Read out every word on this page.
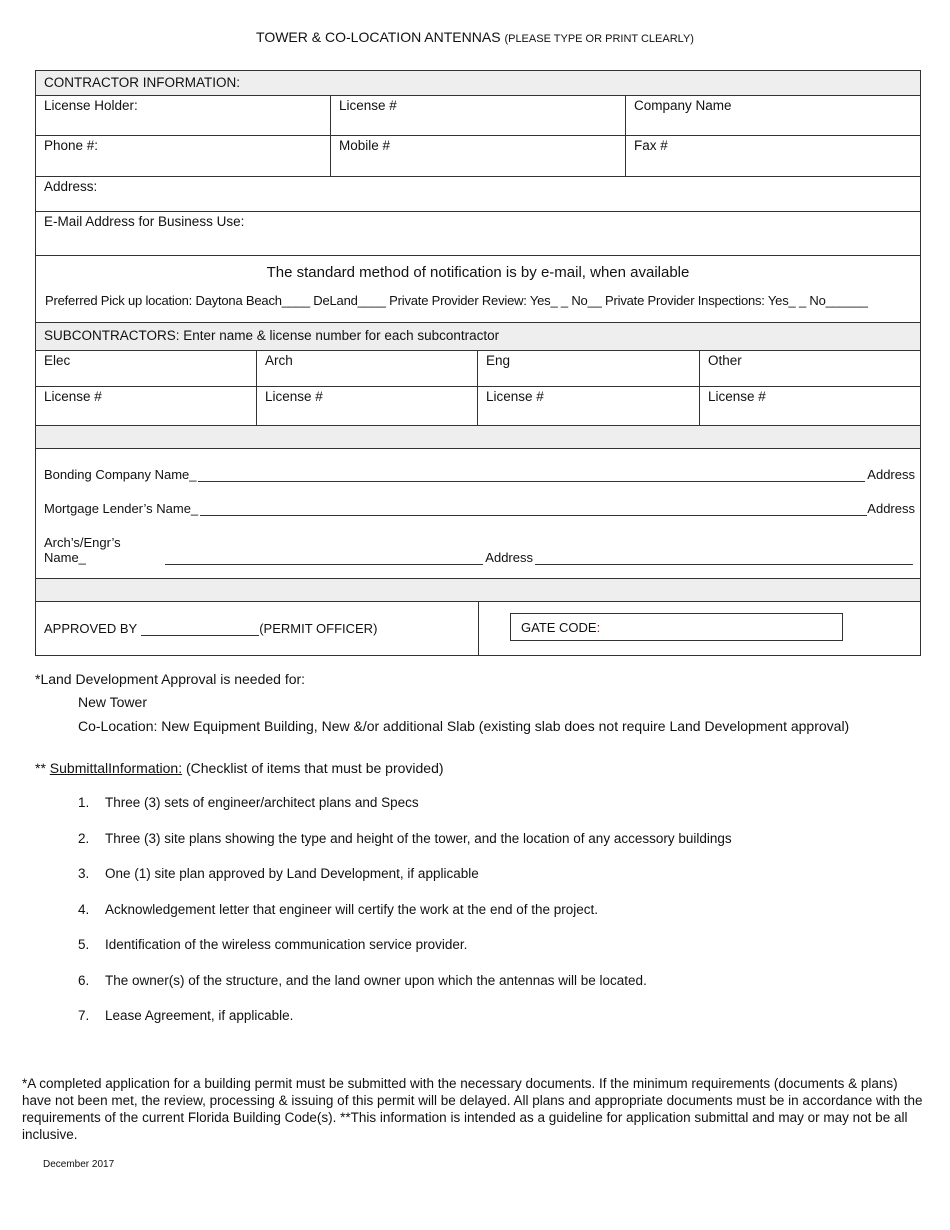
TOWER & CO-LOCATION ANTENNAS (PLEASE TYPE OR PRINT CLEARLY)
CONTRACTOR INFORMATION:
License Holder:	License #	Company Name
Phone #:	Mobile #	Fax #
Address:
E-Mail Address for Business Use:
The standard method of notification is by e-mail, when available
Preferred Pick up location: Daytona Beach____ DeLand____ Private Provider Review: Yes_ _ No__ Private Provider Inspections: Yes_ _ No______
SUBCONTRACTORS: Enter name & license number for each subcontractor
Elec	Arch	Eng	Other
License #	License #	License #	License #
Bonding Company Name_	Address
Mortgage Lender’s Name_	Address
Arch’s/Engr’s Name_	Address
APPROVED BY	(PERMIT OFFICER)	GATE CODE :
*Land Development Approval is needed for:
New Tower
Co-Location: New Equipment Building, New &/or additional Slab (existing slab does not require Land Development approval)
** SubmittalInformation: (Checklist of items that must be provided)
1. Three (3) sets of engineer/architect plans and Specs
2. Three (3) site plans showing the type and height of the tower, and the location of any accessory buildings
3. One (1) site plan approved by Land Development, if applicable
4. Acknowledgement letter that engineer will certify the work at the end of the project.
5. Identification of the wireless communication service provider.
6. The owner(s) of the structure, and the land owner upon which the antennas will be located.
7. Lease Agreement, if applicable.
*A completed application for a building permit must be submitted with the necessary documents. If the minimum requirements (documents & plans) have not been met, the review, processing & issuing of this permit will be delayed. All plans and appropriate documents must be in accordance with the requirements of the current Florida Building Code(s). **This information is intended as a guideline for application submittal and may or may not be all inclusive.
December 2017
